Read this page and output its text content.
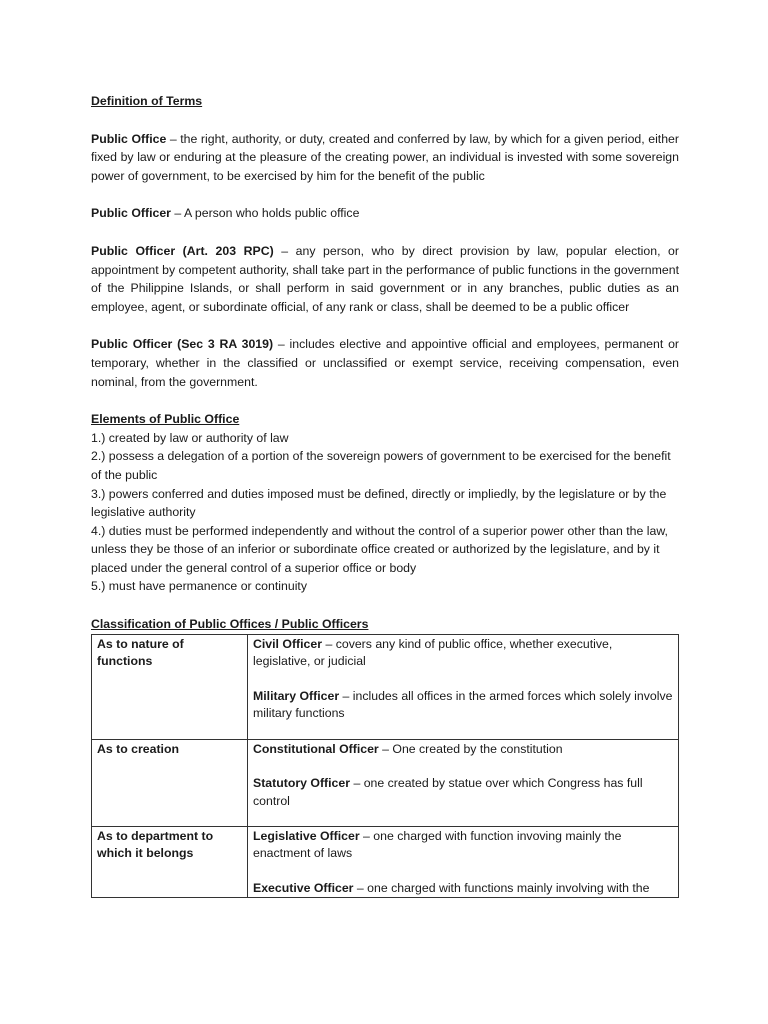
Definition of Terms

Public Office – the right, authority, or duty, created and conferred by law, by which for a given period, either fixed by law or enduring at the pleasure of the creating power, an individual is invested with some sovereign power of government, to be exercised by him for the benefit of the public

Public Officer – A person who holds public office

Public Officer (Art. 203 RPC) – any person, who by direct provision by law, popular election, or appointment by competent authority, shall take part in the performance of public functions in the government of the Philippine Islands, or shall perform in said government or in any branches, public duties as an employee, agent, or subordinate official, of any rank or class, shall be deemed to be a public officer

Public Officer (Sec 3 RA 3019) – includes elective and appointive official and employees, permanent or temporary, whether in the classified or unclassified or exempt service, receiving compensation, even nominal, from the government.

Elements of Public Office

1.) created by law or authority of law
2.) possess a delegation of a portion of the sovereign powers of government to be exercised for the benefit of the public
3.) powers conferred and duties imposed must be defined, directly or impliedly, by the legislature or by the legislative authority
4.) duties must be performed independently and without the control of a superior power other than the law, unless they be those of an inferior or subordinate office created or authorized by the legislature, and by it placed under the general control of a superior office or body
5.) must have permanence or continuity

Classification of Public Offices / Public Officers

As to nature of functions	Civil Officer – covers any kind of public office, whether executive, legislative, or judicial

Military Officer – includes all offices in the armed forces which solely involve military functions

As to creation	Constitutional Officer – One created by the constitution

Statutory Officer – one created by statue over which Congress has full control

As to department to which it belongs	Legislative Officer – one charged with function invoving mainly the enactment of laws

Executive Officer – one charged with functions mainly involving with the
